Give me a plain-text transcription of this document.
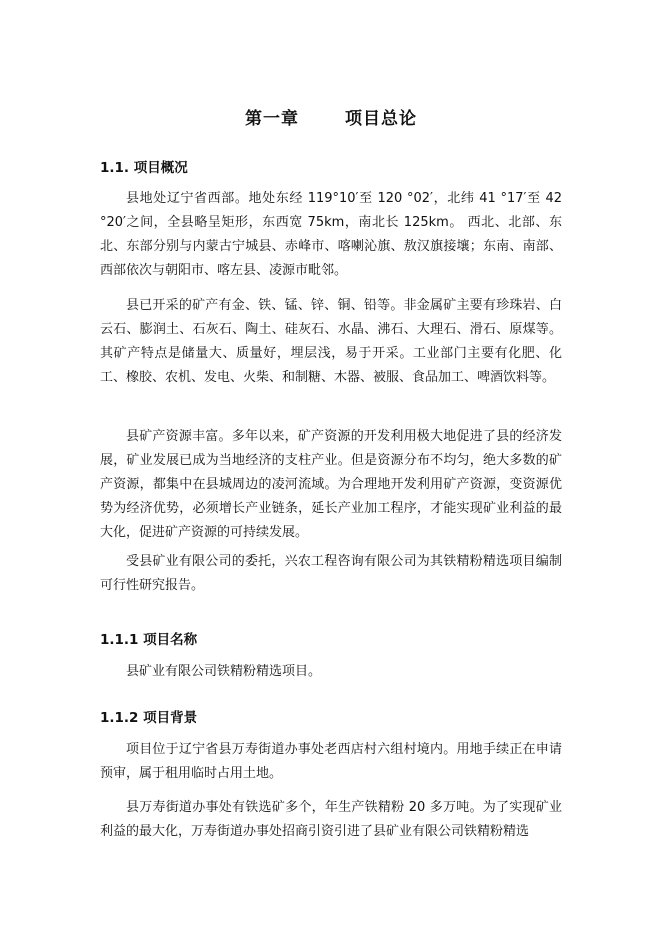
第一章	项目总论
1.1. 项目概况

县地处辽宁省西部。地处东经 119°10′至 120 °02′，北纬 41 °17′至 42 °20′之间，全县略呈矩形，东西宽 75km，南北长 125km。 西北、北部、东北、东部分别与内蒙古宁城县、赤峰市、喀喇沁旗、敖汉旗接壤；东南、南部、西部依次与朝阳市、喀左县、凌源市毗邻。

县已开采的矿产有金、铁、锰、锌、铜、铅等。非金属矿主要有珍珠岩、白云石、膨润土、石灰石、陶土、硅灰石、水晶、沸石、大理石、滑石、原煤等。其矿产特点是储量大、质量好，埋层浅，易于开采。工业部门主要有化肥、化工、橡胶、农机、发电、火柴、和制糖、木器、被服、食品加工、啤酒饮料等。

县矿产资源丰富。多年以来，矿产资源的开发利用极大地促进了县的经济发展，矿业发展已成为当地经济的支柱产业。但是资源分布不均匀，绝大多数的矿产资源，都集中在县城周边的凌河流域。为合理地开发利用矿产资源，变资源优势为经济优势，必须增长产业链条，延长产业加工程序，才能实现矿业利益的最大化，促进矿产资源的可持续发展。

受县矿业有限公司的委托，兴农工程咨询有限公司为其铁精粉精选项目编制可行性研究报告。

1.1.1 项目名称

县矿业有限公司铁精粉精选项目。

1.1.2 项目背景

项目位于辽宁省县万寿街道办事处老西店村六组村境内。用地手续正在申请预审，属于租用临时占用土地。

县万寿街道办事处有铁选矿多个，年生产铁精粉 20 多万吨。为了实现矿业利益的最大化，万寿街道办事处招商引资引进了县矿业有限公司铁精粉精选
